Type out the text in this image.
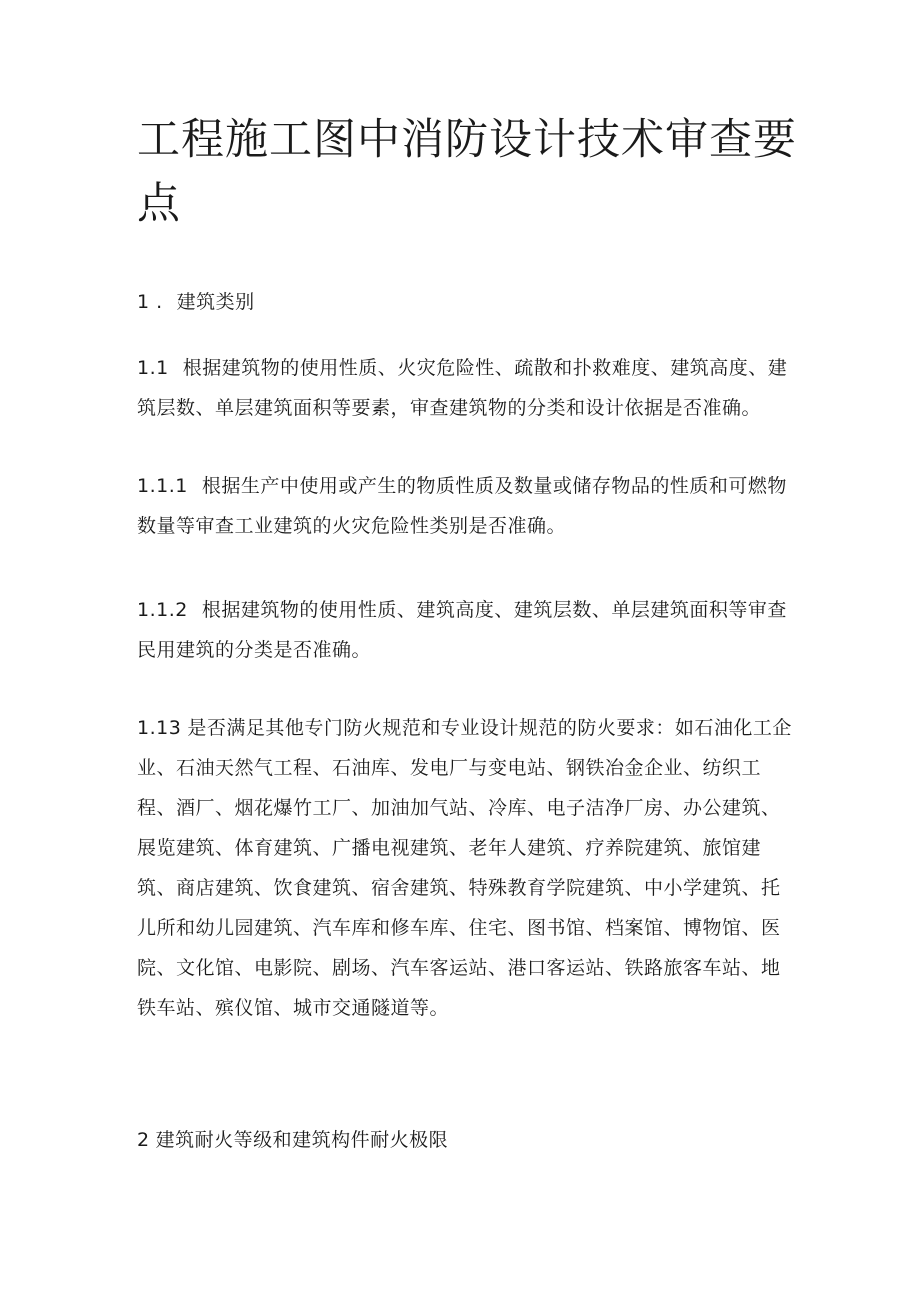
工程施工图中消防设计技术审查要点

1 . 建筑类别

1.1 根据建筑物的使用性质、火灾危险性、疏散和扑救难度、建筑高度、建筑层数、单层建筑面积等要素，审查建筑物的分类和设计依据是否准确。

1.1.1 根据生产中使用或产生的物质性质及数量或储存物品的性质和可燃物数量等审查工业建筑的火灾危险性类别是否准确。

1.1.2 根据建筑物的使用性质、建筑高度、建筑层数、单层建筑面积等审查民用建筑的分类是否准确。

1.13 是否满足其他专门防火规范和专业设计规范的防火要求：如石油化工企业、石油天然气工程、石油库、发电厂与变电站、钢铁冶金企业、纺织工程、酒厂、烟花爆竹工厂、加油加气站、冷库、电子洁净厂房、办公建筑、展览建筑、体育建筑、广播电视建筑、老年人建筑、疗养院建筑、旅馆建筑、商店建筑、饮食建筑、宿舍建筑、特殊教育学院建筑、中小学建筑、托儿所和幼儿园建筑、汽车库和修车库、住宅、图书馆、档案馆、博物馆、医院、文化馆、电影院、剧场、汽车客运站、港口客运站、铁路旅客车站、地铁车站、殡仪馆、城市交通隧道等。

2 建筑耐火等级和建筑构件耐火极限
